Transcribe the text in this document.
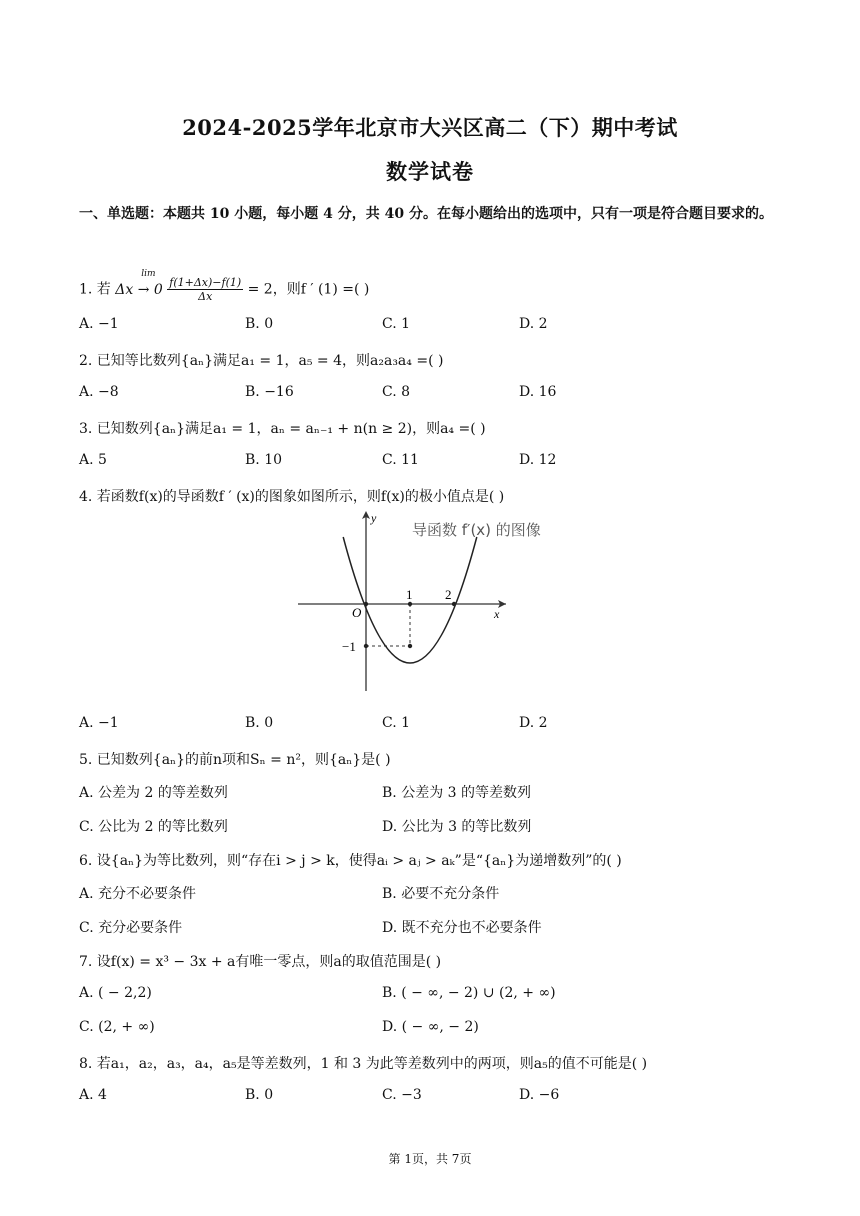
2024-2025学年北京市大兴区高二（下）期中考试
数学试卷
一、单选题：本题共 10 小题，每小题 4 分，共 40 分。在每小题给出的选项中，只有一项是符合题目要求的。
1. 若
lim
$\Delta x \to 0 \frac{f(1+\Delta x)-f(1)}{\Delta x} = 2$，则f ′ (1) =( )
A. −1	B. 0	C. 1	D. 2
2. 已知等比数列{aₙ}满足a₁ = 1，a₅ = 4，则a₂a₃a₄ =( )
A. −8	B. −16	C. 8	D. 16
3. 已知数列{aₙ}满足a₁ = 1，aₙ = aₙ₋₁ + n(n ≥ 2)，则a₄ =( )
A. 5	B. 10	C. 11	D. 12
4. 若函数f(x)的导函数f ′ (x)的图象如图所示，则f(x)的极小值点是( )
y
x
O
1	2
−1
导函数 f′(x) 的图像
A. −1	B. 0	C. 1	D. 2
5. 已知数列{aₙ}的前n项和Sₙ = n²，则{aₙ}是( )
A. 公差为 2 的等差数列	B. 公差为 3 的等差数列
C. 公比为 2 的等比数列	D. 公比为 3 的等比数列
6. 设{aₙ}为等比数列，则“存在i > j > k，使得aᵢ > aⱼ > aₖ”是“{aₙ}为递增数列”的( )
A. 充分不必要条件	B. 必要不充分条件
C. 充分必要条件	D. 既不充分也不必要条件
7. 设f(x) = x³ − 3x + a有唯一零点，则a的取值范围是( )
A. ( − 2,2)	B. ( − ∞, − 2) ∪ (2, + ∞)
C. (2, + ∞)	D. ( − ∞, − 2)
8. 若a₁，a₂，a₃，a₄，a₅是等差数列，1 和 3 为此等差数列中的两项，则a₅的值不可能是( )
A. 4	B. 0	C. −3	D. −6
第 1页，共 7页
